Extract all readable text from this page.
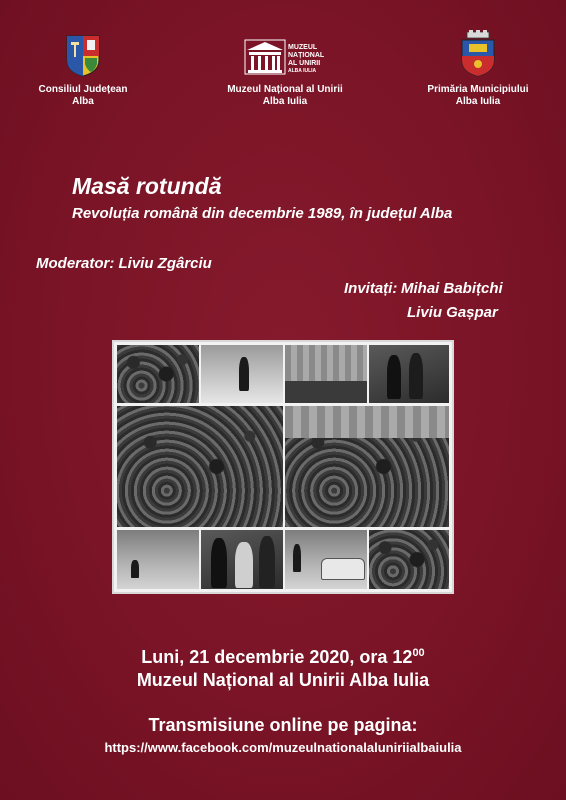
Consiliul Județean
Alba
MUZEUL
NAȚIONAL
AL UNIRII
ALBA IULIA
Muzeul Național al Unirii
Alba Iulia
Primăria Municipiului
Alba Iulia
Masă rotundă
Revoluția română din decembrie 1989, în județul Alba
Moderator: Liviu Zgârciu
Invitați: Mihai Babițchi
Liviu Gașpar
Luni, 21 decembrie 2020, ora $12^{00}$
Muzeul Național al Unirii Alba Iulia
Transmisiune online pe pagina:
https://www.facebook.com/muzeulnationalaluniriialbaiulia
